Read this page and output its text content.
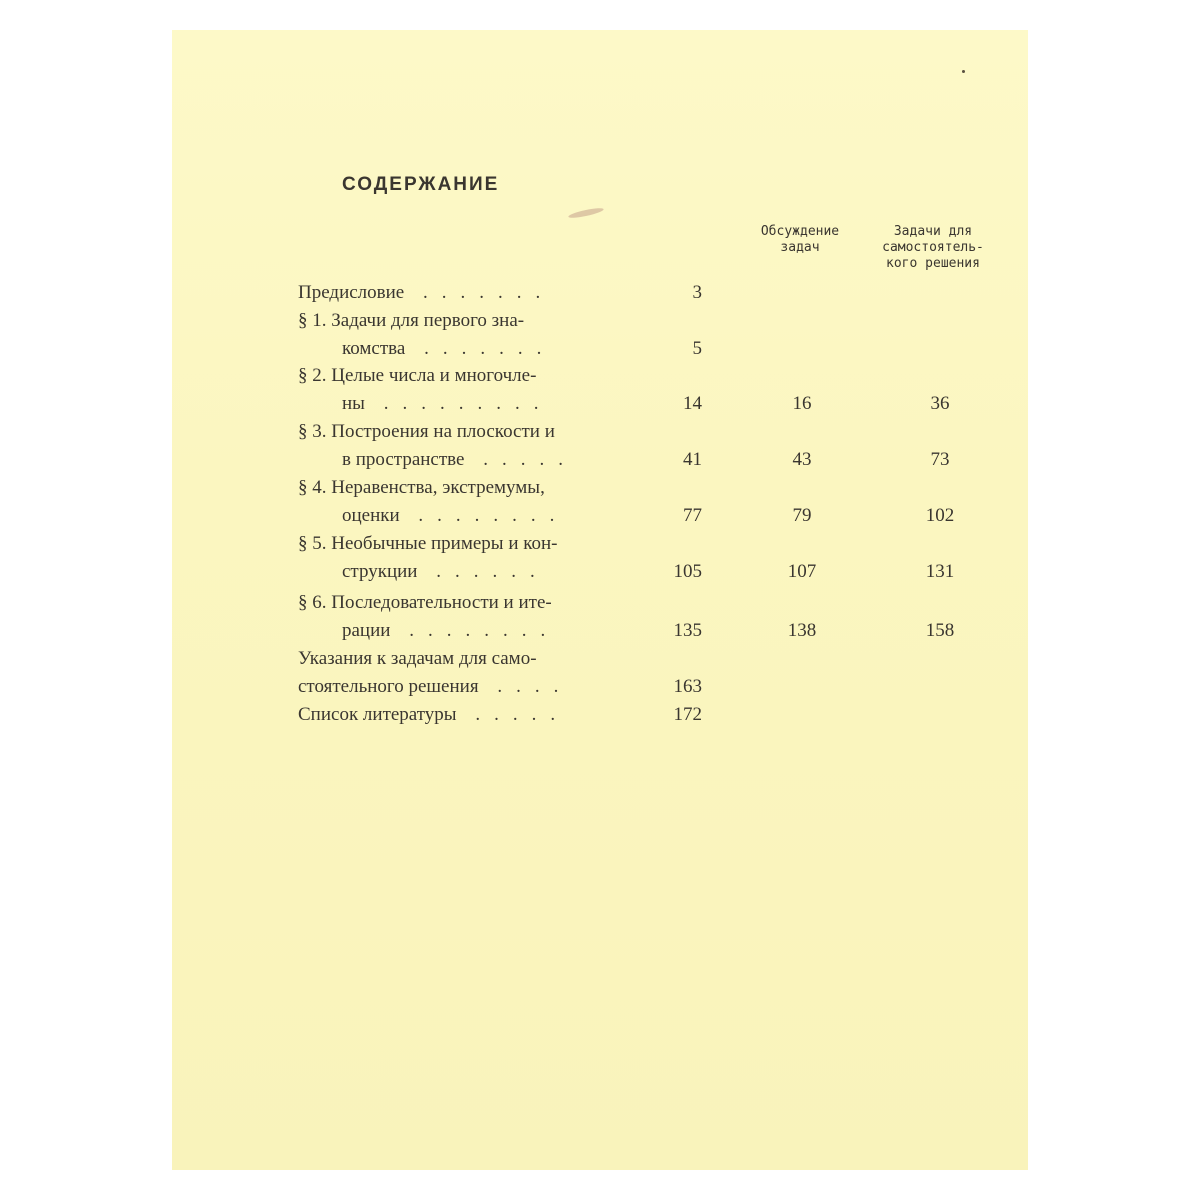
СОДЕРЖАНИЕ
Обсуждение
задач
Задачи для
самостоятель-
кого решения
Предисловие .......	3
§ 1. Задачи для первого зна-
комства .......	5
§ 2. Целые числа и многочле-
ны .........	14	16	36
§ 3. Построения на плоскости и
в пространстве .....	41	43	73
§ 4. Неравенства, экстремумы,
оценки ........	77	79	102
§ 5. Необычные примеры и кон-
струкции ......	105	107	131
§ 6. Последовательности и ите-
рации ........	135	138	158
Указания к задачам для само-
стоятельного решения ....	163
Список литературы .....	172
